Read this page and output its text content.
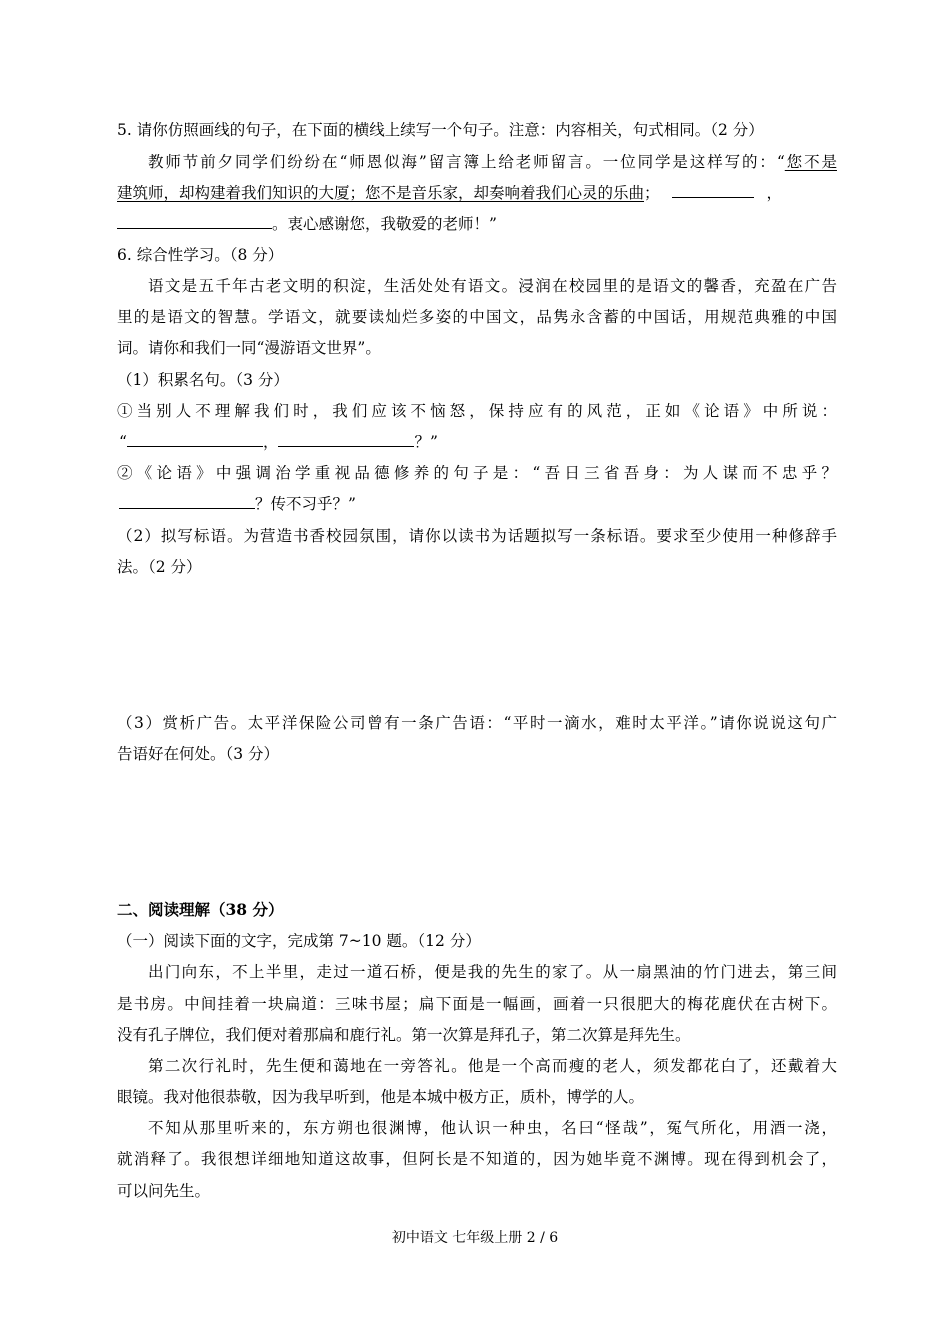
5. 请你仿照画线的句子，在下面的横线上续写一个句子。注意：内容相关，句式相同。（2 分）
教师节前夕同学们纷纷在“师恩似海”留言簿上给老师留言。一位同学是这样写的：“您不是
建筑师，却构建着我们知识的大厦；您不是音乐家，却奏响着我们心灵的乐曲；	，
。衷心感谢您，我敬爱的老师！”
6. 综合性学习。（8 分）
语文是五千年古老文明的积淀，生活处处有语文。浸润在校园里的是语文的馨香，充盈在广告
里的是语文的智慧。学语文，就要读灿烂多姿的中国文，品隽永含蓄的中国话，用规范典雅的中国
词。请你和我们一同“漫游语文世界”。
（1）积累名句。（3 分）
①当别人不理解我们时，我们应该不恼怒，保持应有的风范，正如《论语》中所说：
“	，	？”
②《论语》中强调治学重视品德修养的句子是：“吾日三省吾身：为人谋而不忠乎？
？传不习乎？”
（2）拟写标语。为营造书香校园氛围，请你以读书为话题拟写一条标语。要求至少使用一种修辞手
法。（2 分）
（3）赏析广告。太平洋保险公司曾有一条广告语：“平时一滴水，难时太平洋。”请你说说这句广
告语好在何处。（3 分）
二、阅读理解（38 分）
（一）阅读下面的文字，完成第 7~10 题。（12 分）
出门向东，不上半里，走过一道石桥，便是我的先生的家了。从一扇黑油的竹门进去，第三间
是书房。中间挂着一块扁道：三味书屋；扁下面是一幅画，画着一只很肥大的梅花鹿伏在古树下。
没有孔子牌位，我们便对着那扁和鹿行礼。第一次算是拜孔子，第二次算是拜先生。
第二次行礼时，先生便和蔼地在一旁答礼。他是一个高而瘦的老人，须发都花白了，还戴着大
眼镜。我对他很恭敬，因为我早听到，他是本城中极方正，质朴，博学的人。
不知从那里听来的，东方朔也很渊博，他认识一种虫，名曰“怪哉”，冤气所化，用酒一浇，
就消释了。我很想详细地知道这故事，但阿长是不知道的，因为她毕竟不渊博。现在得到机会了，
可以问先生。
初中语文 七年级上册 2 / 6
